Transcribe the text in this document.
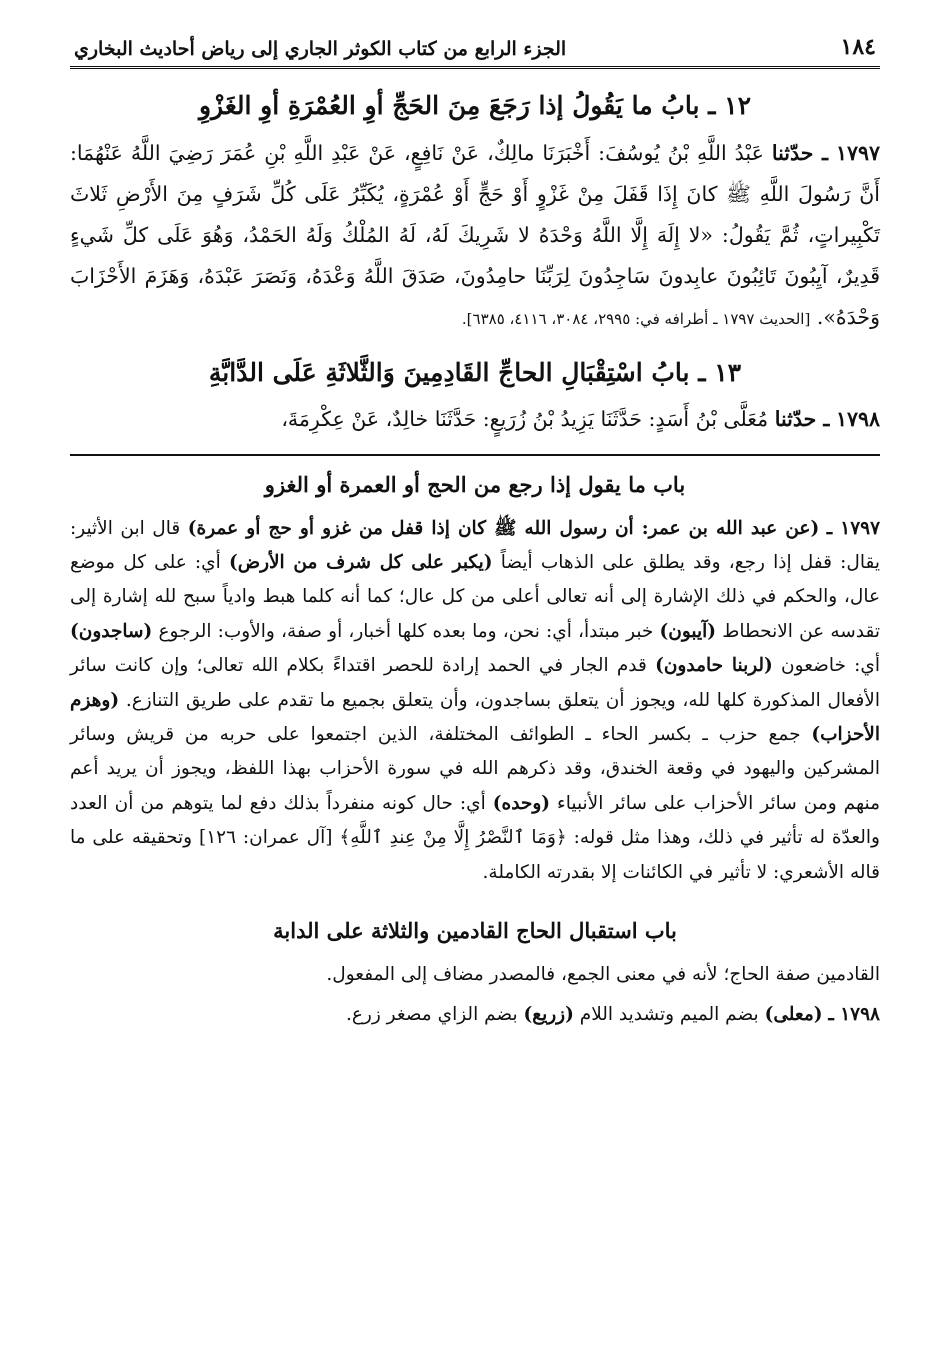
١٨٤
الجزء الرابع من كتاب الكوثر الجاري إلى رياض أحاديث البخاري
١٢ ـ بابُ ما يَقُولُ إذا رَجَعَ مِنَ الحَجِّ أوِ العُمْرَةِ أوِ الغَزْوِ

١٧٩٧ ـ حدّثنا عَبْدُ اللَّهِ بْنُ يُوسُفَ: أَخْبَرَنَا مالِكٌ، عَنْ نَافِعٍ، عَنْ عَبْدِ اللَّهِ بْنِ عُمَرَ رَضِيَ اللَّهُ عَنْهُمَا: أَنَّ رَسُولَ اللَّهِ ﷺ كانَ إِذَا قَفَلَ مِنْ غَزْوٍ أَوْ حَجٍّ أَوْ عُمْرَةٍ، يُكَبِّرُ عَلَى كُلِّ شَرَفٍ مِنَ الأَرْضِ ثَلاثَ تَكْبِيراتٍ، ثُمَّ يَقُولُ: «لا إِلَهَ إِلَّا اللَّهُ وَحْدَهُ لا شَرِيكَ لَهُ، لَهُ المُلْكُ وَلَهُ الحَمْدُ، وَهُوَ عَلَى كلِّ شَيءٍ قَدِيرٌ، آيِبُونَ تَائِبُونَ عابِدونَ سَاجِدُونَ لِرَبِّنَا حامِدُونَ، صَدَقَ اللَّهُ وَعْدَهُ، وَنَصَرَ عَبْدَهُ، وَهَزَمَ الأَحْزَابَ وَحْدَهُ». [الحديث ١٧٩٧ ـ أطرافه في: ٢٩٩٥، ٣٠٨٤، ٤١١٦، ٦٣٨٥].

١٣ ـ بابُ اسْتِقْبَالِ الحاجِّ القَادِمِينَ وَالثَّلاثَةِ عَلَى الدَّابَّةِ

١٧٩٨ ـ حدّثنا مُعَلَّى بْنُ أَسَدٍ: حَدَّثَنَا يَزِيدُ بْنُ زُرَيعٍ: حَدَّثَنَا خالِدٌ، عَنْ عِكْرِمَةَ،

باب ما يقول إذا رجع من الحج أو العمرة أو الغزو

١٧٩٧ ـ (عن عبد الله بن عمر: أن رسول الله ﷺ كان إذا قفل من غزو أو حج أو عمرة) قال ابن الأثير: يقال: قفل إذا رجع، وقد يطلق على الذهاب أيضاً (يكبر على كل شرف من الأرض) أي: على كل موضع عال، والحكم في ذلك الإشارة إلى أنه تعالى أعلى من كل عال؛ كما أنه كلما هبط وادياً سبح لله إشارة إلى تقدسه عن الانحطاط (آيبون) خبر مبتدأ، أي: نحن، وما بعده كلها أخبار، أو صفة، والأوب: الرجوع (ساجدون) أي: خاضعون (لربنا حامدون) قدم الجار في الحمد إرادة للحصر اقتداءً بكلام الله تعالى؛ وإن كانت سائر الأفعال المذكورة كلها لله، ويجوز أن يتعلق بساجدون، وأن يتعلق بجميع ما تقدم على طريق التنازع. (وهزم الأحزاب) جمع حزب ـ بكسر الحاء ـ الطوائف المختلفة، الذين اجتمعوا على حربه من قريش وسائر المشركين واليهود في وقعة الخندق، وقد ذكرهم الله في سورة الأحزاب بهذا اللفظ، ويجوز أن يريد أعم منهم ومن سائر الأحزاب على سائر الأنبياء (وحده) أي: حال كونه منفرداً بذلك دفع لما يتوهم من أن العدد والعدّة له تأثير في ذلك، وهذا مثل قوله: ﴿وَمَا ٱلنَّصْرُ إِلَّا مِنْ عِندِ ٱللَّهِ﴾ [آل عمران: ١٢٦] وتحقيقه على ما قاله الأشعري: لا تأثير في الكائنات إلا بقدرته الكاملة.

باب استقبال الحاج القادمين والثلاثة على الدابة

القادمين صفة الحاج؛ لأنه في معنى الجمع، فالمصدر مضاف إلى المفعول.

١٧٩٨ ـ (معلى) بضم الميم وتشديد اللام (زريع) بضم الزاي مصغر زرع.
